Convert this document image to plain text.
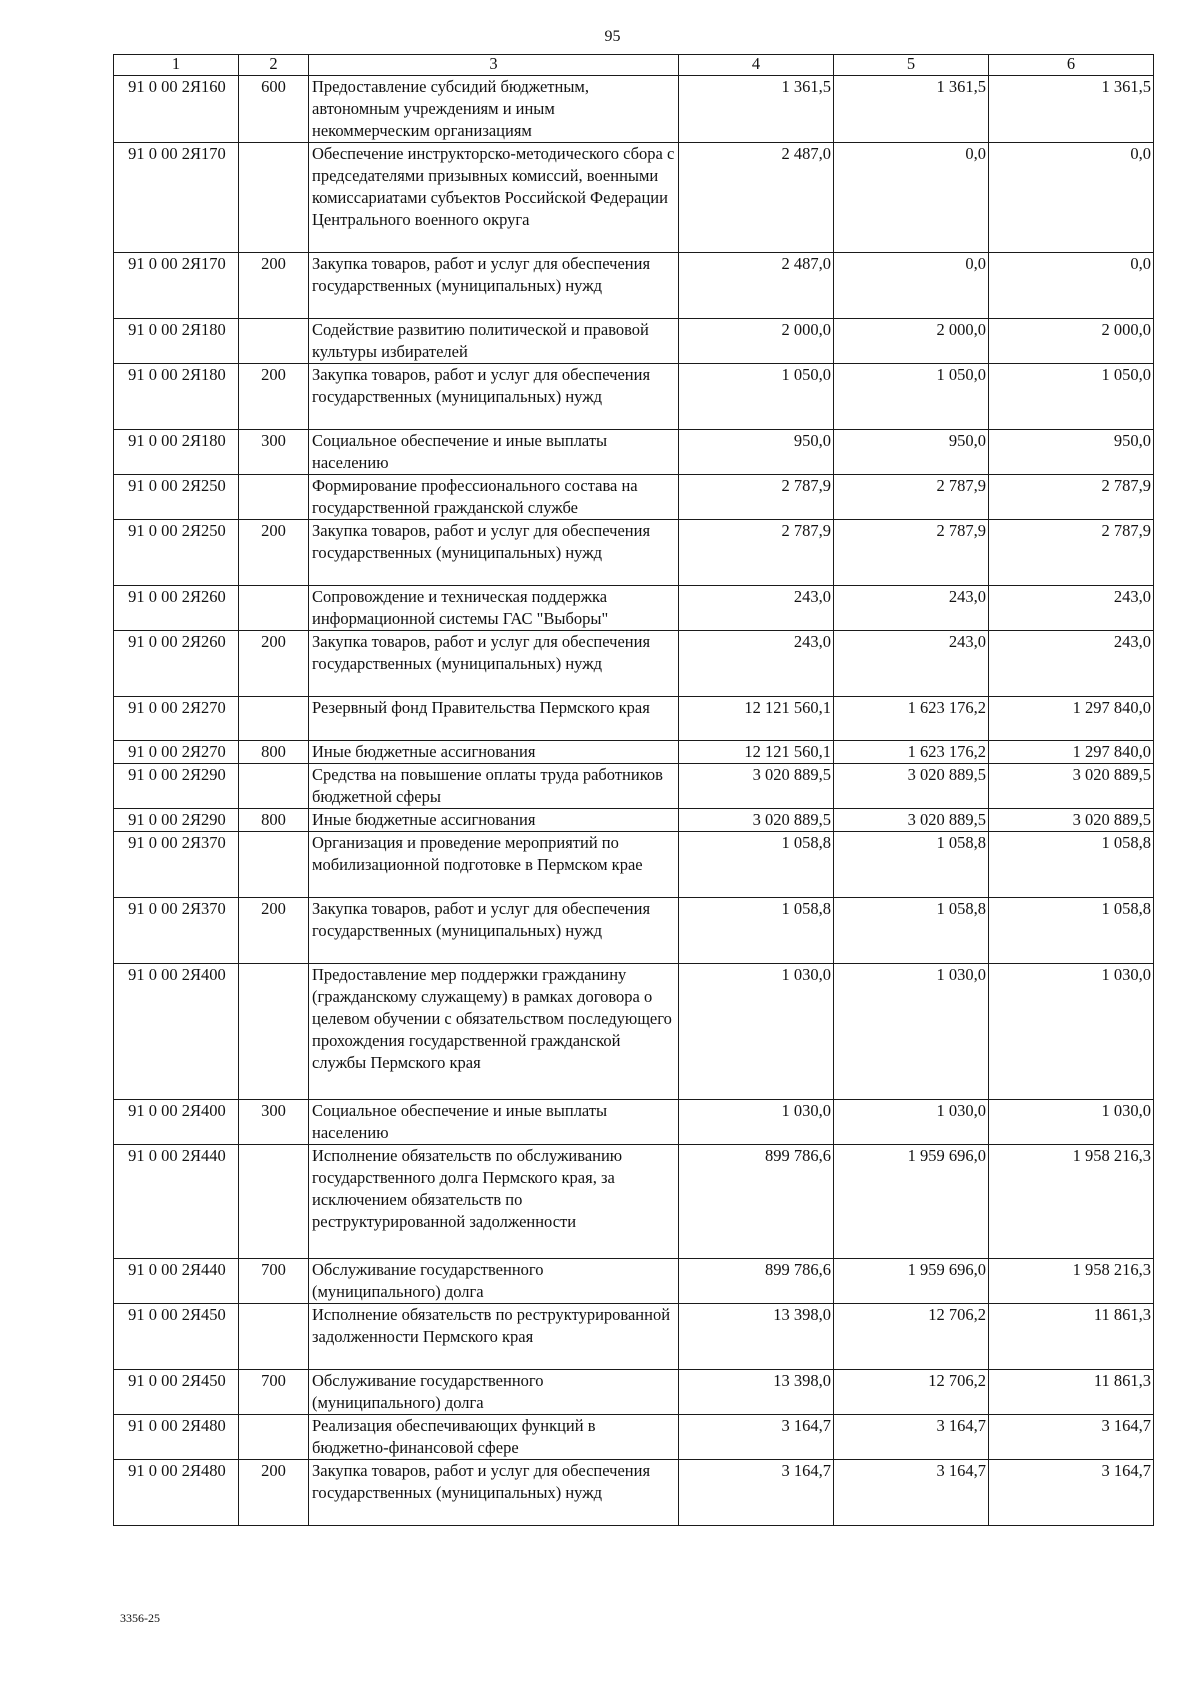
95
1	2	3	4	5	6
91 0 00 2Я160	600	Предоставление субсидий бюджетным, автономным учреждениям и иным некоммерческим организациям	1 361,5	1 361,5	1 361,5
91 0 00 2Я170		Обеспечение инструкторско-методического сбора с председателями призывных комиссий, военными комиссариатами субъектов Российской Федерации Центрального военного округа	2 487,0	0,0	0,0
91 0 00 2Я170	200	Закупка товаров, работ и услуг для обеспечения государственных (муниципальных) нужд	2 487,0	0,0	0,0
91 0 00 2Я180		Содействие развитию политической и правовой культуры избирателей	2 000,0	2 000,0	2 000,0
91 0 00 2Я180	200	Закупка товаров, работ и услуг для обеспечения государственных (муниципальных) нужд	1 050,0	1 050,0	1 050,0
91 0 00 2Я180	300	Социальное обеспечение и иные выплаты населению	950,0	950,0	950,0
91 0 00 2Я250		Формирование профессионального состава на государственной гражданской службе	2 787,9	2 787,9	2 787,9
91 0 00 2Я250	200	Закупка товаров, работ и услуг для обеспечения государственных (муниципальных) нужд	2 787,9	2 787,9	2 787,9
91 0 00 2Я260		Сопровождение и техническая поддержка информационной системы ГАС "Выборы"	243,0	243,0	243,0
91 0 00 2Я260	200	Закупка товаров, работ и услуг для обеспечения государственных (муниципальных) нужд	243,0	243,0	243,0
91 0 00 2Я270		Резервный фонд Правительства Пермского края	12 121 560,1	1 623 176,2	1 297 840,0
91 0 00 2Я270	800	Иные бюджетные ассигнования	12 121 560,1	1 623 176,2	1 297 840,0
91 0 00 2Я290		Средства на повышение оплаты труда работников бюджетной сферы	3 020 889,5	3 020 889,5	3 020 889,5
91 0 00 2Я290	800	Иные бюджетные ассигнования	3 020 889,5	3 020 889,5	3 020 889,5
91 0 00 2Я370		Организация и проведение мероприятий по мобилизационной подготовке в Пермском крае	1 058,8	1 058,8	1 058,8
91 0 00 2Я370	200	Закупка товаров, работ и услуг для обеспечения государственных (муниципальных) нужд	1 058,8	1 058,8	1 058,8
91 0 00 2Я400		Предоставление мер поддержки гражданину (гражданскому служащему) в рамках договора о целевом обучении с обязательством последующего прохождения государственной гражданской службы Пермского края	1 030,0	1 030,0	1 030,0
91 0 00 2Я400	300	Социальное обеспечение и иные выплаты населению	1 030,0	1 030,0	1 030,0
91 0 00 2Я440		Исполнение обязательств по обслуживанию государственного долга Пермского края, за исключением обязательств по реструктурированной задолженности	899 786,6	1 959 696,0	1 958 216,3
91 0 00 2Я440	700	Обслуживание государственного (муниципального) долга	899 786,6	1 959 696,0	1 958 216,3
91 0 00 2Я450		Исполнение обязательств по реструктурированной задолженности Пермского края	13 398,0	12 706,2	11 861,3
91 0 00 2Я450	700	Обслуживание государственного (муниципального) долга	13 398,0	12 706,2	11 861,3
91 0 00 2Я480		Реализация обеспечивающих функций в бюджетно-финансовой сфере	3 164,7	3 164,7	3 164,7
91 0 00 2Я480	200	Закупка товаров, работ и услуг для обеспечения государственных (муниципальных) нужд	3 164,7	3 164,7	3 164,7
3356-25
